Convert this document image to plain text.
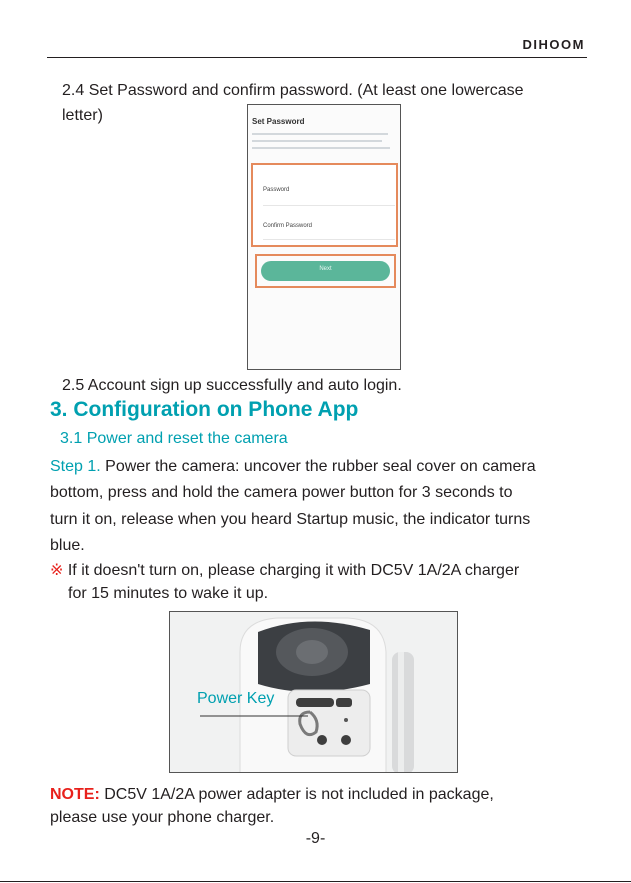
DIHOOM
2.4 Set Password and confirm password. (At least one lowercase
letter)	Set Password
Password
Confirm Password
Next
2.5 Account sign up successfully and auto login.
3. Configuration on Phone App
3.1 Power and reset the camera
Step 1. Power the camera: uncover the rubber seal cover on camera
bottom, press and hold the camera power button for 3 seconds to
turn it on, release when you heard Startup music, the indicator turns
blue.
※ If it doesn't turn on, please charging it with DC5V 1A/2A charger
for 15 minutes to wake it up.
Power Key
NOTE: DC5V 1A/2A power adapter is not included in package,
please use your phone charger.
-9-
